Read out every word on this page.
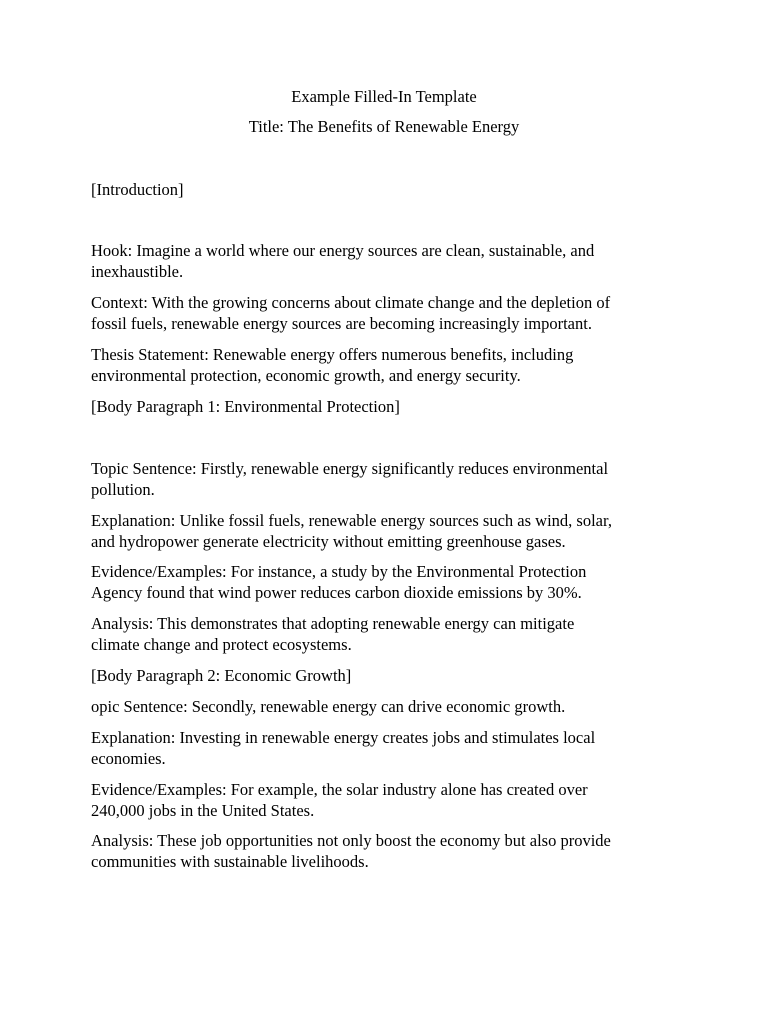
Example Filled-In Template
Title: The Benefits of Renewable Energy
[Introduction]
Hook: Imagine a world where our energy sources are clean, sustainable, and
inexhaustible.
Context: With the growing concerns about climate change and the depletion of
fossil fuels, renewable energy sources are becoming increasingly important.
Thesis Statement: Renewable energy offers numerous benefits, including
environmental protection, economic growth, and energy security.
[Body Paragraph 1: Environmental Protection]
Topic Sentence: Firstly, renewable energy significantly reduces environmental
pollution.
Explanation: Unlike fossil fuels, renewable energy sources such as wind, solar,
and hydropower generate electricity without emitting greenhouse gases.
Evidence/Examples: For instance, a study by the Environmental Protection
Agency found that wind power reduces carbon dioxide emissions by 30%.
Analysis: This demonstrates that adopting renewable energy can mitigate
climate change and protect ecosystems.
[Body Paragraph 2: Economic Growth]
opic Sentence: Secondly, renewable energy can drive economic growth.
Explanation: Investing in renewable energy creates jobs and stimulates local
economies.
Evidence/Examples: For example, the solar industry alone has created over
240,000 jobs in the United States.
Analysis: These job opportunities not only boost the economy but also provide
communities with sustainable livelihoods.
